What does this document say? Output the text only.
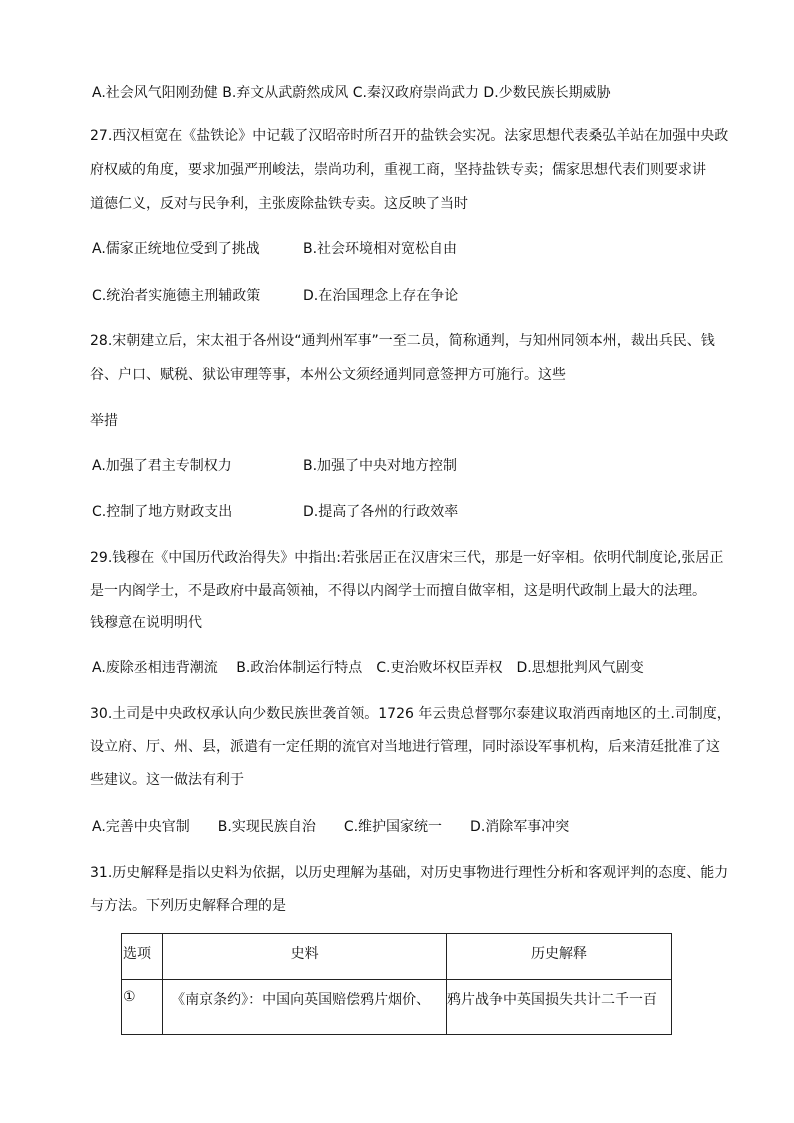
A.社会风气阳刚劲健 B.弃文从武蔚然成风 C.秦汉政府崇尚武力 D.少数民族长期威胁
27.西汉桓宽在《盐铁论》中记载了汉昭帝时所召开的盐铁会实况。法家思想代表桑弘羊站在加强中央政
府权威的角度，要求加强严刑峻法，崇尚功利，重视工商，坚持盐铁专卖；儒家思想代表们则要求讲
道德仁义，反对与民争利，主张废除盐铁专卖。这反映了当时
A.儒家正统地位受到了挑战	B.社会环境相对宽松自由
C.统治者实施德主刑辅政策	D.在治国理念上存在争论
28.宋朝建立后，宋太祖于各州设“通判州军事”一至二员，简称通判，与知州同领本州，裁出兵民、钱
谷、户口、赋税、狱讼审理等事，本州公文须经通判同意签押方可施行。这些
举措
A.加强了君主专制权力	B.加强了中央对地方控制
C.控制了地方财政支出	D.提高了各州的行政效率
29.钱穆在《中国历代政治得失》中指出:若张居正在汉唐宋三代，那是一好宰相。依明代制度论,张居正
是一内阁学士，不是政府中最高领袖，不得以内阁学士而擅自做宰相，这是明代政制上最大的法理。
钱穆意在说明明代
A.废除丞相违背潮流　 B.政治体制运行特点　C.吏治败坏权臣弄权　D.思想批判风气剧变
30.土司是中央政权承认向少数民族世袭首领。1726 年云贵总督鄂尔泰建议取消西南地区的土.司制度，
设立府、厅、州、县，派遣有一定任期的流官对当地进行管理，同时添设军事机构，后来清廷批准了这
些建议。这一做法有利于
A.完善中央官制　　B.实现民族自治　　C.维护国家统一　　D.消除军事冲突
31.历史解释是指以史料为依据，以历史理解为基础，对历史事物进行理性分析和客观评判的态度、能力
与方法。下列历史解释合理的是
选项	史料	历史解释
①	《南京条约》：中国向英国赔偿鸦片烟价、	鸦片战争中英国损失共计二千一百
